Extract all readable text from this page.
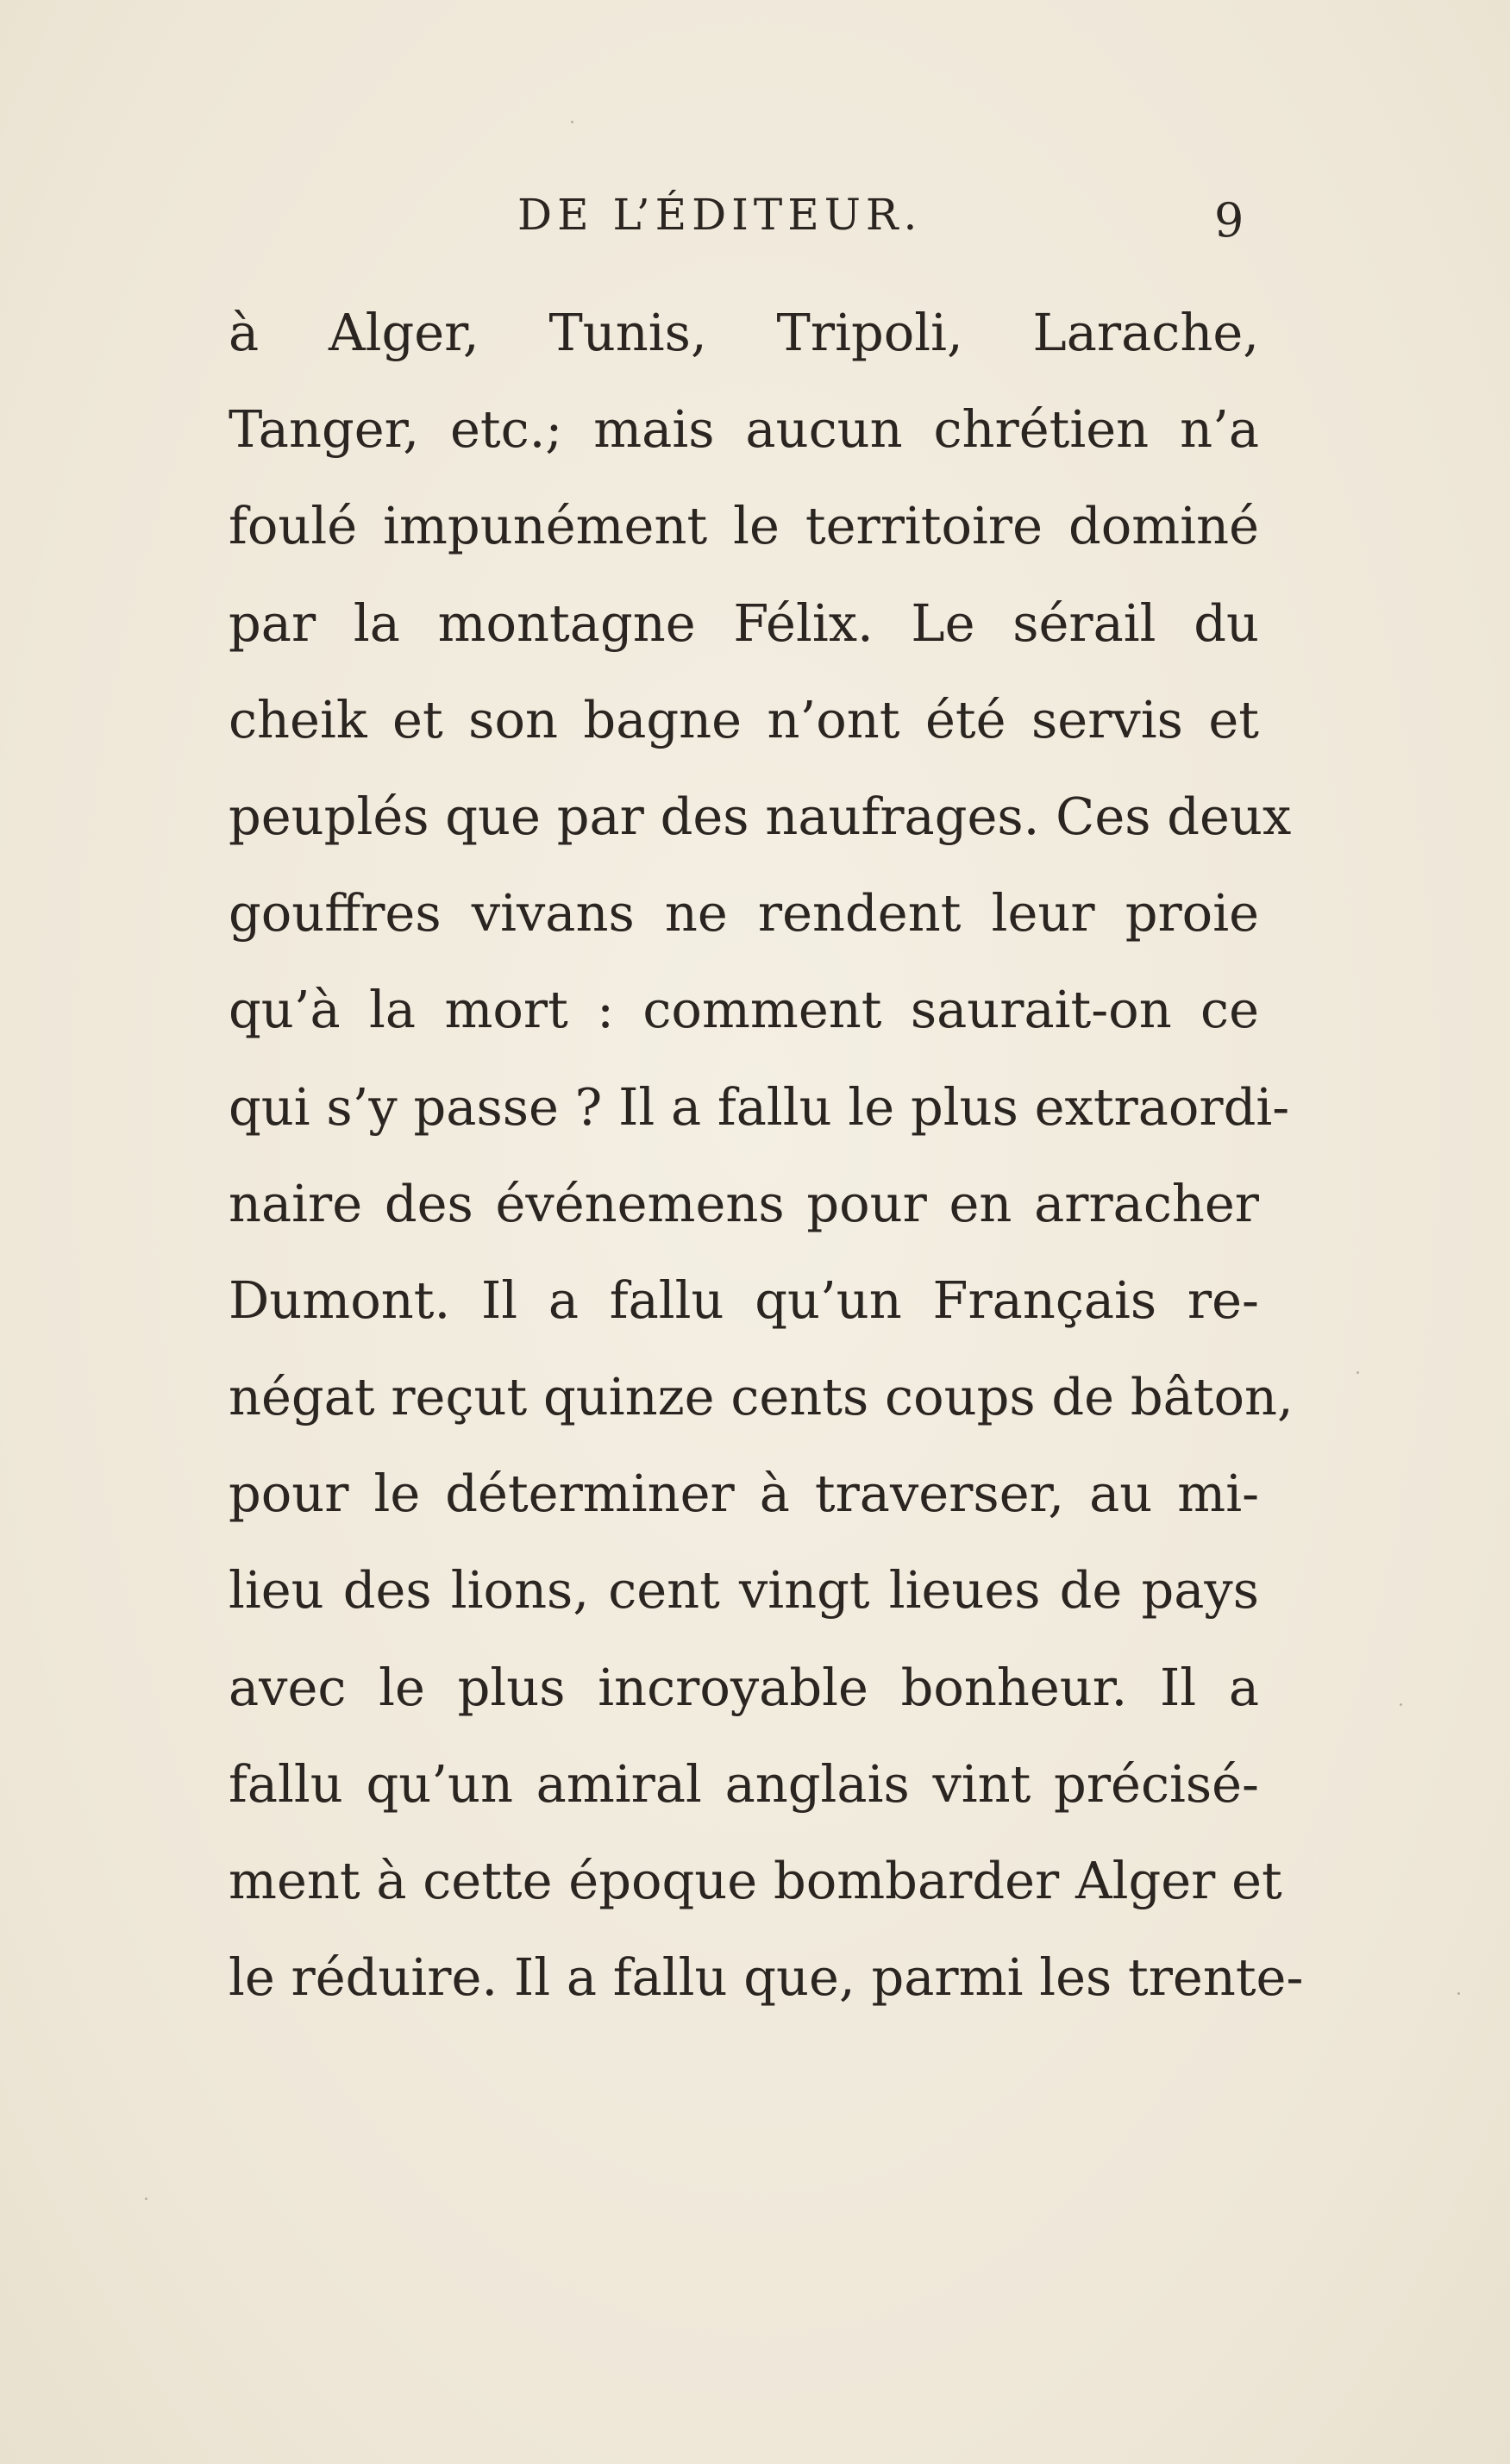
DE L’ÉDITEUR.	9
à Alger, Tunis, Tripoli, Larache,
Tanger, etc.; mais aucun chrétien n’a
foulé impunément le territoire dominé
par la montagne Félix. Le sérail du
cheik et son bagne n’ont été servis et
peuplés que par des naufrages. Ces deux
gouffres vivans ne rendent leur proie
qu’à la mort : comment saurait-on ce
qui s’y passe ? Il a fallu le plus extraordi-
naire des événemens pour en arracher
Dumont. Il a fallu qu’un Français re-
négat reçut quinze cents coups de bâton,
pour le déterminer à traverser, au mi-
lieu des lions, cent vingt lieues de pays
avec le plus incroyable bonheur. Il a
fallu qu’un amiral anglais vint précisé-
ment à cette époque bombarder Alger et
le réduire. Il a fallu que, parmi les trente-
